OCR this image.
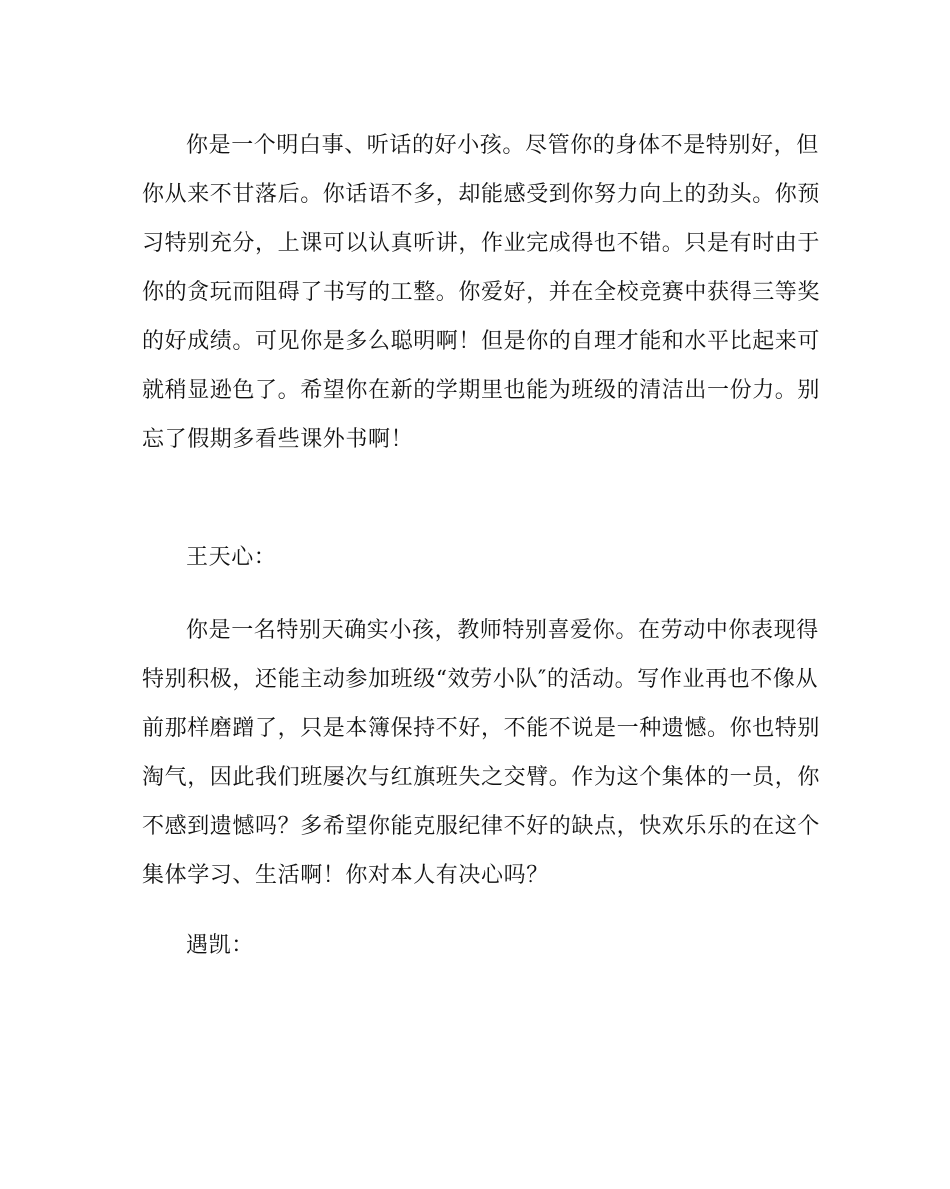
你是一个明白事、听话的好小孩。尽管你的身体不是特别好，但
你从来不甘落后。你话语不多，却能感受到你努力向上的劲头。你预
习特别充分，上课可以认真听讲，作业完成得也不错。只是有时由于
你的贪玩而阻碍了书写的工整。你爱好，并在全校竞赛中获得三等奖
的好成绩。可见你是多么聪明啊！但是你的自理才能和水平比起来可
就稍显逊色了。希望你在新的学期里也能为班级的清洁出一份力。别
忘了假期多看些课外书啊！
王天心：
你是一名特别天确实小孩，教师特别喜爱你。在劳动中你表现得
特别积极，还能主动参加班级“效劳小队″的活动。写作业再也不像从
前那样磨蹭了，只是本簿保持不好，不能不说是一种遗憾。你也特别
淘气，因此我们班屡次与红旗班失之交臂。作为这个集体的一员，你
不感到遗憾吗？多希望你能克服纪律不好的缺点，快欢乐乐的在这个
集体学习、生活啊！你对本人有决心吗？
遇凯：
